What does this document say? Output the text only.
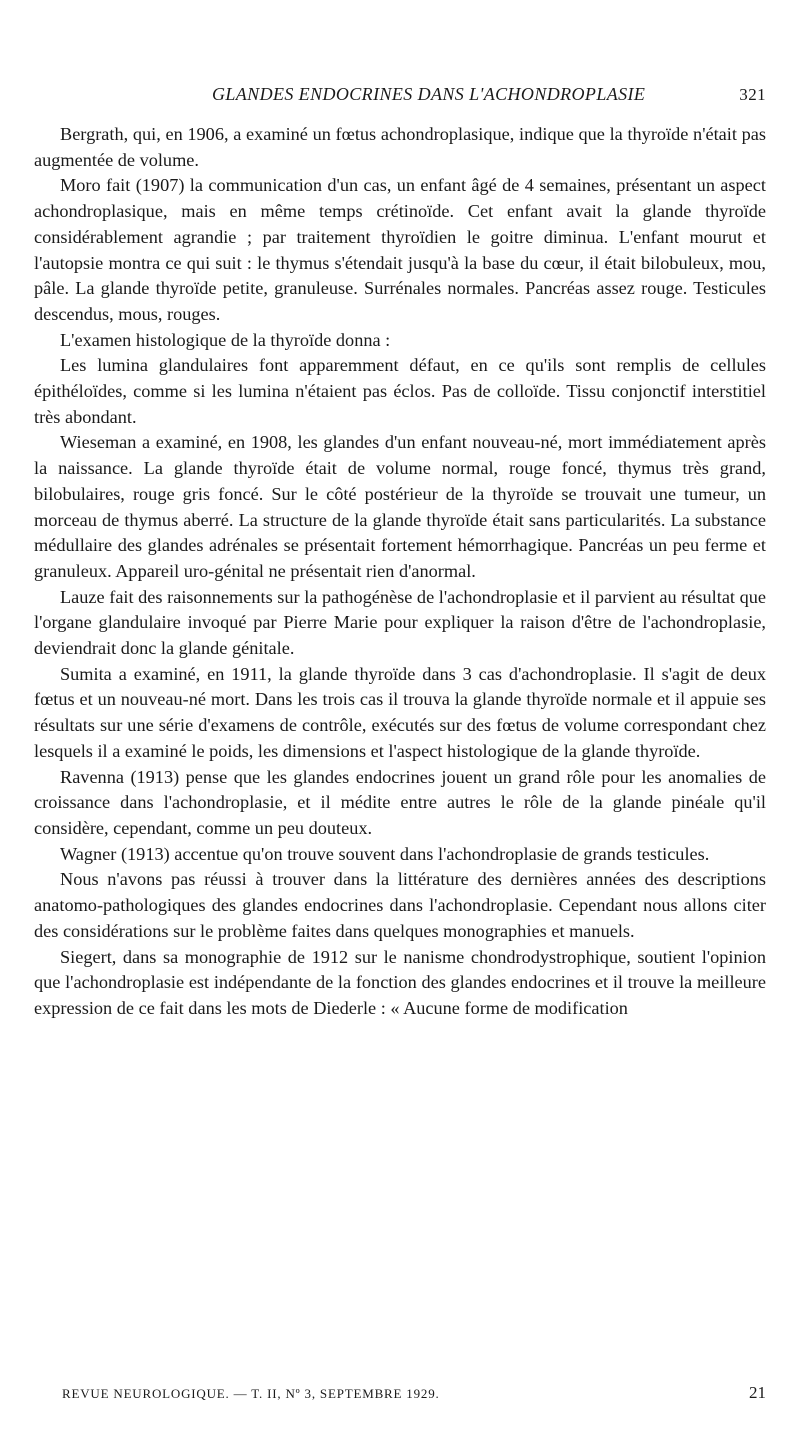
GLANDES ENDOCRINES DANS L'ACHONDROPLASIE	321

Bergrath, qui, en 1906, a examiné un fœtus achondroplasique, indique que la thyroïde n'était pas augmentée de volume.

Moro fait (1907) la communication d'un cas, un enfant âgé de 4 semaines, présentant un aspect achondroplasique, mais en même temps crétinoïde. Cet enfant avait la glande thyroïde considérablement agrandie ; par traitement thyroïdien le goitre diminua. L'enfant mourut et l'autopsie montra ce qui suit : le thymus s'étendait jusqu'à la base du cœur, il était bilobuleux, mou, pâle. La glande thyroïde petite, granuleuse. Surrénales normales. Pancréas assez rouge. Testicules descendus, mous, rouges.

L'examen histologique de la thyroïde donna :

Les lumina glandulaires font apparemment défaut, en ce qu'ils sont remplis de cellules épithéloïdes, comme si les lumina n'étaient pas éclos. Pas de colloïde. Tissu conjonctif interstitiel très abondant.

Wieseman a examiné, en 1908, les glandes d'un enfant nouveau-né, mort immédiatement après la naissance. La glande thyroïde était de volume normal, rouge foncé, thymus très grand, bilobulaires, rouge gris foncé. Sur le côté postérieur de la thyroïde se trouvait une tumeur, un morceau de thymus aberré. La structure de la glande thyroïde était sans particularités. La substance médullaire des glandes adrénales se présentait fortement hémorrhagique. Pancréas un peu ferme et granuleux. Appareil uro-génital ne présentait rien d'anormal.

Lauze fait des raisonnements sur la pathogénèse de l'achondroplasie et il parvient au résultat que l'organe glandulaire invoqué par Pierre Marie pour expliquer la raison d'être de l'achondroplasie, deviendrait donc la glande génitale.

Sumita a examiné, en 1911, la glande thyroïde dans 3 cas d'achondroplasie. Il s'agit de deux fœtus et un nouveau-né mort. Dans les trois cas il trouva la glande thyroïde normale et il appuie ses résultats sur une série d'examens de contrôle, exécutés sur des fœtus de volume correspondant chez lesquels il a examiné le poids, les dimensions et l'aspect histologique de la glande thyroïde.

Ravenna (1913) pense que les glandes endocrines jouent un grand rôle pour les anomalies de croissance dans l'achondroplasie, et il médite entre autres le rôle de la glande pinéale qu'il considère, cependant, comme un peu douteux.

Wagner (1913) accentue qu'on trouve souvent dans l'achondroplasie de grands testicules.

Nous n'avons pas réussi à trouver dans la littérature des dernières années des descriptions anatomo-pathologiques des glandes endocrines dans l'achondroplasie. Cependant nous allons citer des considérations sur le problème faites dans quelques monographies et manuels.

Siegert, dans sa monographie de 1912 sur le nanisme chondrodystrophique, soutient l'opinion que l'achondroplasie est indépendante de la fonction des glandes endocrines et il trouve la meilleure expression de ce fait dans les mots de Diederle : « Aucune forme de modification

REVUE NEUROLOGIQUE. — T. II, Nº 3, SEPTEMBRE 1929.	21
